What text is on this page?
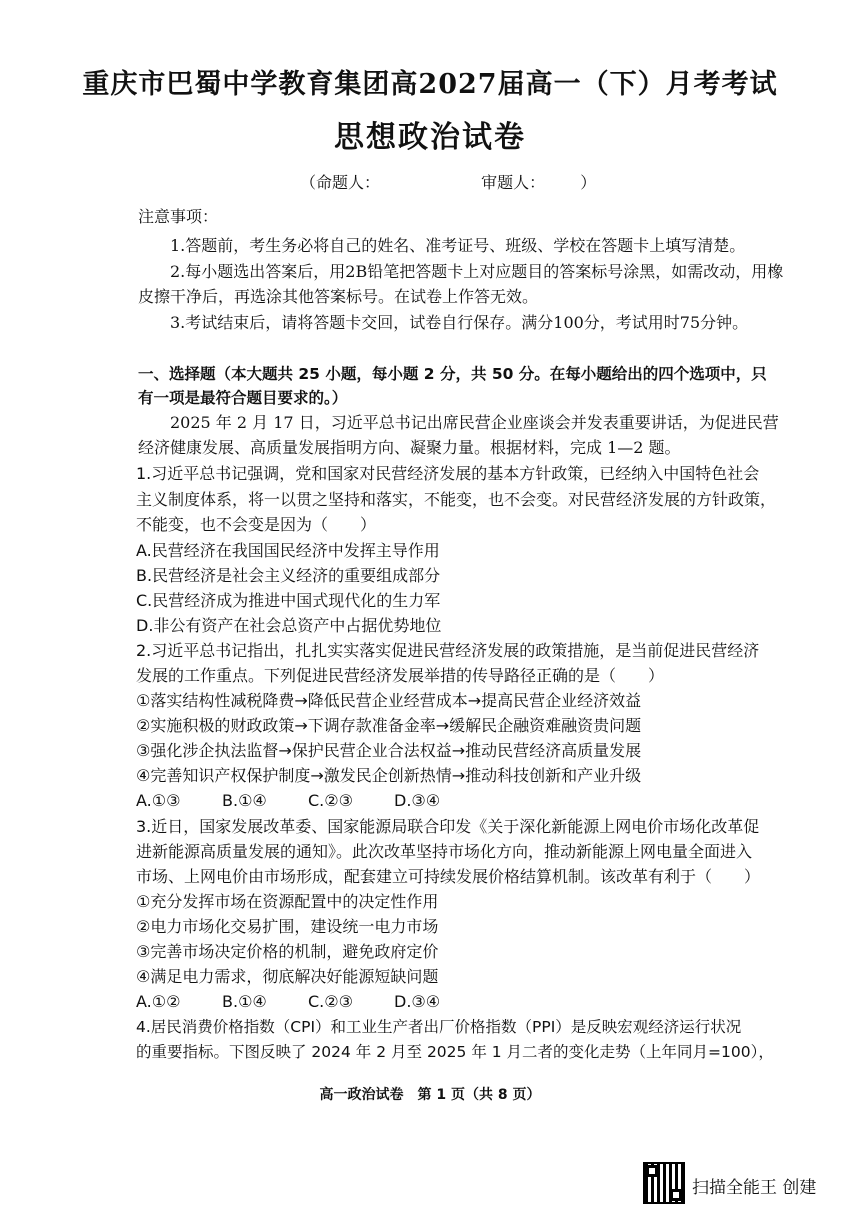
重庆市巴蜀中学教育集团高2027届高一（下）月考考试
思想政治试卷
（命题人：	审题人： ）
注意事项：
1.答题前，考生务必将自己的姓名、准考证号、班级、学校在答题卡上填写清楚。
2.每小题选出答案后，用2B铅笔把答题卡上对应题目的答案标号涂黑，如需改动，用橡
皮擦干净后，再选涂其他答案标号。在试卷上作答无效。
3.考试结束后，请将答题卡交回，试卷自行保存。满分100分，考试用时75分钟。
一、选择题（本大题共 25 小题，每小题 2 分，共 50 分。在每小题给出的四个选项中，只
有一项是最符合题目要求的。）
2025 年 2 月 17 日，习近平总书记出席民营企业座谈会并发表重要讲话，为促进民营
经济健康发展、高质量发展指明方向、凝聚力量。根据材料，完成 1—2 题。
1.习近平总书记强调，党和国家对民营经济发展的基本方针政策，已经纳入中国特色社会
主义制度体系，将一以贯之坚持和落实，不能变，也不会变。对民营经济发展的方针政策，
不能变，也不会变是因为（　　）
A.民营经济在我国国民经济中发挥主导作用
B.民营经济是社会主义经济的重要组成部分
C.民营经济成为推进中国式现代化的生力军
D.非公有资产在社会总资产中占据优势地位
2.习近平总书记指出，扎扎实实落实促进民营经济发展的政策措施，是当前促进民营经济
发展的工作重点。下列促进民营经济发展举措的传导路径正确的是（　　）
①落实结构性减税降费→降低民营企业经营成本→提高民营企业经济效益
②实施积极的财政政策→下调存款准备金率→缓解民企融资难融资贵问题
③强化涉企执法监督→保护民营企业合法权益→推动民营经济高质量发展
④完善知识产权保护制度→激发民企创新热情→推动科技创新和产业升级
A.①③	B.①④	C.②③	D.③④
3.近日，国家发展改革委、国家能源局联合印发《关于深化新能源上网电价市场化改革促
进新能源高质量发展的通知》。此次改革坚持市场化方向，推动新能源上网电量全面进入
市场、上网电价由市场形成，配套建立可持续发展价格结算机制。该改革有利于（　　）
①充分发挥市场在资源配置中的决定性作用
②电力市场化交易扩围，建设统一电力市场
③完善市场决定价格的机制，避免政府定价
④满足电力需求，彻底解决好能源短缺问题
A.①②	B.①④	C.②③	D.③④
4.居民消费价格指数（CPI）和工业生产者出厂价格指数（PPI）是反映宏观经济运行状况
的重要指标。下图反映了 2024 年 2 月至 2025 年 1 月二者的变化走势（上年同月=100），
高一政治试卷　第 1 页（共 8 页）
扫描全能王 创建
